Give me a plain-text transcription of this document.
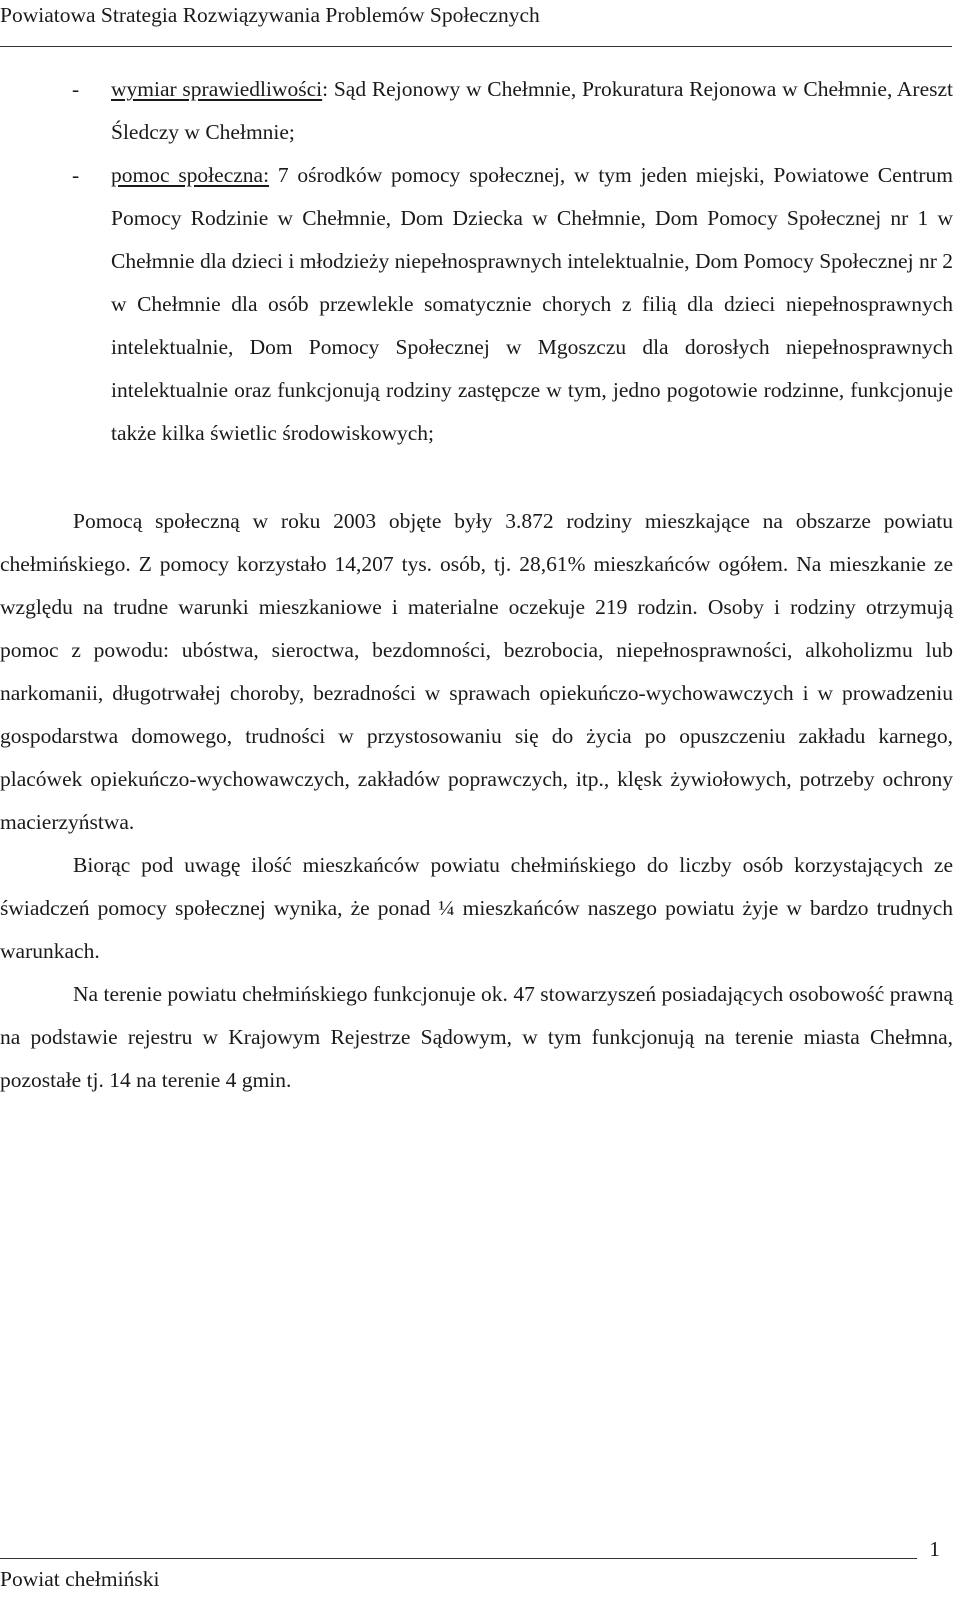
Powiatowa Strategia Rozwiązywania Problemów Społecznych
- wymiar sprawiedliwości: Sąd Rejonowy w Chełmnie, Prokuratura Rejonowa w Chełmnie, Areszt Śledczy w Chełmnie;
- pomoc społeczna: 7 ośrodków pomocy społecznej, w tym jeden miejski, Powiatowe Centrum Pomocy Rodzinie w Chełmnie, Dom Dziecka w Chełmnie, Dom Pomocy Społecznej nr 1 w Chełmnie dla dzieci i młodzieży niepełnosprawnych intelektualnie, Dom Pomocy Społecznej nr 2 w Chełmnie dla osób przewlekle somatycznie chorych z filią dla dzieci niepełnosprawnych intelektualnie, Dom Pomocy Społecznej w Mgoszczu dla dorosłych niepełnosprawnych intelektualnie oraz funkcjonują rodziny zastępcze w tym, jedno pogotowie rodzinne, funkcjonuje także kilka świetlic środowiskowych;

Pomocą społeczną w roku 2003 objęte były 3.872 rodziny mieszkające na obszarze powiatu chełmińskiego. Z pomocy korzystało 14,207 tys. osób, tj. 28,61% mieszkańców ogółem. Na mieszkanie ze względu na trudne warunki mieszkaniowe i materialne oczekuje 219 rodzin. Osoby i rodziny otrzymują pomoc z powodu: ubóstwa, sieroctwa, bezdomności, bezrobocia, niepełnosprawności, alkoholizmu lub narkomanii, długotrwałej choroby, bezradności w sprawach opiekuńczo-wychowawczych i w prowadzeniu gospodarstwa domowego, trudności w przystosowaniu się do życia po opuszczeniu zakładu karnego, placówek opiekuńczo-wychowawczych, zakładów poprawczych, itp., klęsk żywiołowych, potrzeby ochrony macierzyństwa.

Biorąc pod uwagę ilość mieszkańców powiatu chełmińskiego do liczby osób korzystających ze świadczeń pomocy społecznej wynika, że ponad ¼ mieszkańców naszego powiatu żyje w bardzo trudnych warunkach.

Na terenie powiatu chełmińskiego funkcjonuje ok. 47 stowarzyszeń posiadających osobowość prawną na podstawie rejestru w Krajowym Rejestrze Sądowym, w tym funkcjonują na terenie miasta Chełmna, pozostałe tj. 14 na terenie 4 gmin.

1
Powiat chełmiński
